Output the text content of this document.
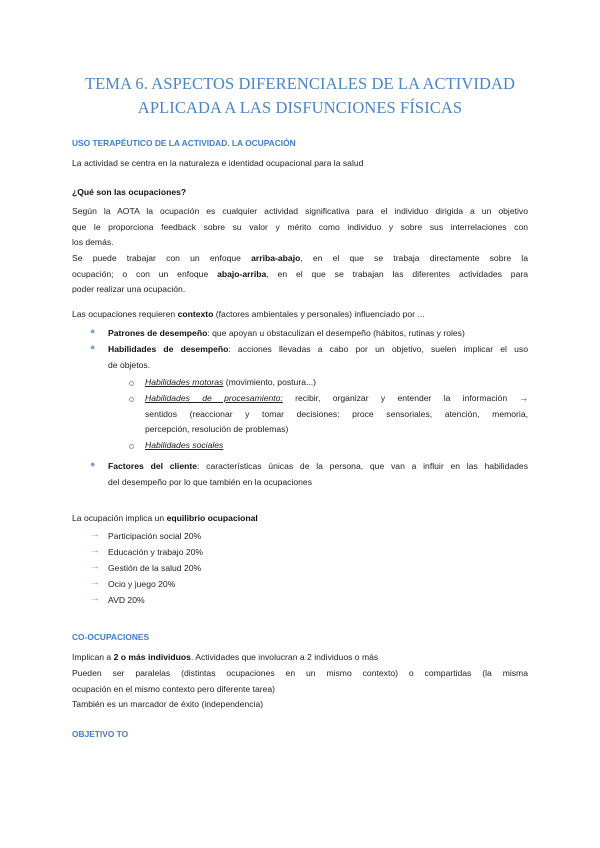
TEMA 6. ASPECTOS DIFERENCIALES DE LA ACTIVIDAD
APLICADA A LAS DISFUNCIONES FÍSICAS
USO TERAPÉUTICO DE LA ACTIVIDAD. LA OCUPACIÓN
La actividad se centra en la naturaleza e identidad ocupacional para la salud
¿Qué son las ocupaciones?
Según la AOTA la ocupación es cualquier actividad significativa para el individuo dirigida a un objetivo
que le proporciona feedback sobre su valor y mérito como individuo y sobre sus interrelaciones con
los demás.
Se puede trabajar con un enfoque arriba-abajo, en el que se trabaja directamente sobre la
ocupación; o con un enfoque abajo-arriba, en el que se trabajan las diferentes actividades para
poder realizar una ocupación.
Las ocupaciones requieren contexto (factores ambientales y personales) influenciado por ...
● Patrones de desempeño: que apoyan u obstaculizan el desempeño (hábitos, rutinas y roles)
● Habilidades de desempeño: acciones llevadas a cabo por un objetivo, suelen implicar el uso
de objetos.
Habilidades motoras (movimiento, postura...)
Habilidades de procesamiento: recibir, organizar y entender la información →
sentidos (reaccionar y tomar decisiones: proce sensoriales, atención, memoria,
percepción, resolución de problemas)
Habilidades sociales
● Factores del cliente: características únicas de la persona, que van a influir en las habilidades
del desempeño por lo que también en la ocupaciones
La ocupación implica un equilibrio ocupacional
→ Participación social 20%
→ Educación y trabajo 20%
→ Gestión de la salud 20%
→ Ocio y juego 20%
→ AVD 20%
CO-OCUPACIONES
Implican a 2 o más individuos. Actividades que involucran a 2 individuos o más
Pueden ser paralelas (distintas ocupaciones en un mismo contexto) o compartidas (la misma
ocupación en el mismo contexto pero diferente tarea)
También es un marcador de éxito (independencia)
OBJETIVO TO
